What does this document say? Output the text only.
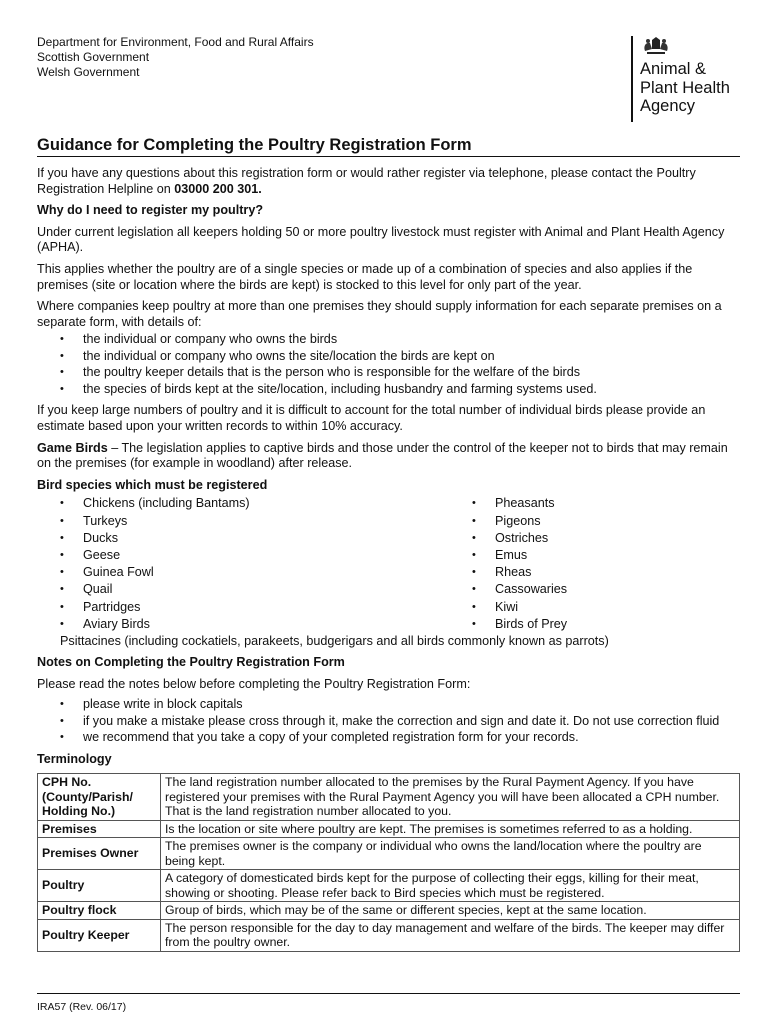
Department for Environment, Food and Rural Affairs
Scottish Government
Welsh Government	Animal &
Plant Health
Agency
Guidance for Completing the Poultry Registration Form

If you have any questions about this registration form or would rather register via telephone, please contact the Poultry Registration Helpline on 03000 200 301.

Why do I need to register my poultry?

Under current legislation all keepers holding 50 or more poultry livestock must register with Animal and Plant Health Agency (APHA).

This applies whether the poultry are of a single species or made up of a combination of species and also applies if the premises (site or location where the birds are kept) is stocked to this level for only part of the year.

Where companies keep poultry at more than one premises they should supply information for each separate premises on a separate form, with details of:

• the individual or company who owns the birds
• the individual or company who owns the site/location the birds are kept on
• the poultry keeper details that is the person who is responsible for the welfare of the birds
• the species of birds kept at the site/location, including husbandry and farming systems used.

If you keep large numbers of poultry and it is difficult to account for the total number of individual birds please provide an estimate based upon your written records to within 10% accuracy.

Game Birds – The legislation applies to captive birds and those under the control of the keeper not to birds that may remain on the premises (for example in woodland) after release.

Bird species which must be registered
• Chickens (including Bantams)
• Turkeys
• Ducks
• Geese
• Guinea Fowl
• Quail
• Partridges
• Aviary Birds
• Pheasants
• Pigeons
• Ostriches
• Emus
• Rheas
• Cassowaries
• Kiwi
• Birds of Prey

Psittacines (including cockatiels, parakeets, budgerigars and all birds commonly known as parrots)

Notes on Completing the Poultry Registration Form

Please read the notes below before completing the Poultry Registration Form:

• please write in block capitals
• if you make a mistake please cross through it, make the correction and sign and date it. Do not use correction fluid
• we recommend that you take a copy of your completed registration form for your records.
Terminology
CPH No. (County/Parish/ Holding No.)	The land registration number allocated to the premises by the Rural Payment Agency. If you have registered your premises with the Rural Payment Agency you will have been allocated a CPH number. That is the land registration number allocated to you.
Premises	Is the location or site where poultry are kept. The premises is sometimes referred to as a holding.
Premises Owner	The premises owner is the company or individual who owns the land/location where the poultry are being kept.
Poultry	A category of domesticated birds kept for the purpose of collecting their eggs, killing for their meat, showing or shooting. Please refer back to Bird species which must be registered.
Poultry flock	Group of birds, which may be of the same or different species, kept at the same location.
Poultry Keeper	The person responsible for the day to day management and welfare of the birds. The keeper may differ from the poultry owner.
IRA57 (Rev. 06/17)
